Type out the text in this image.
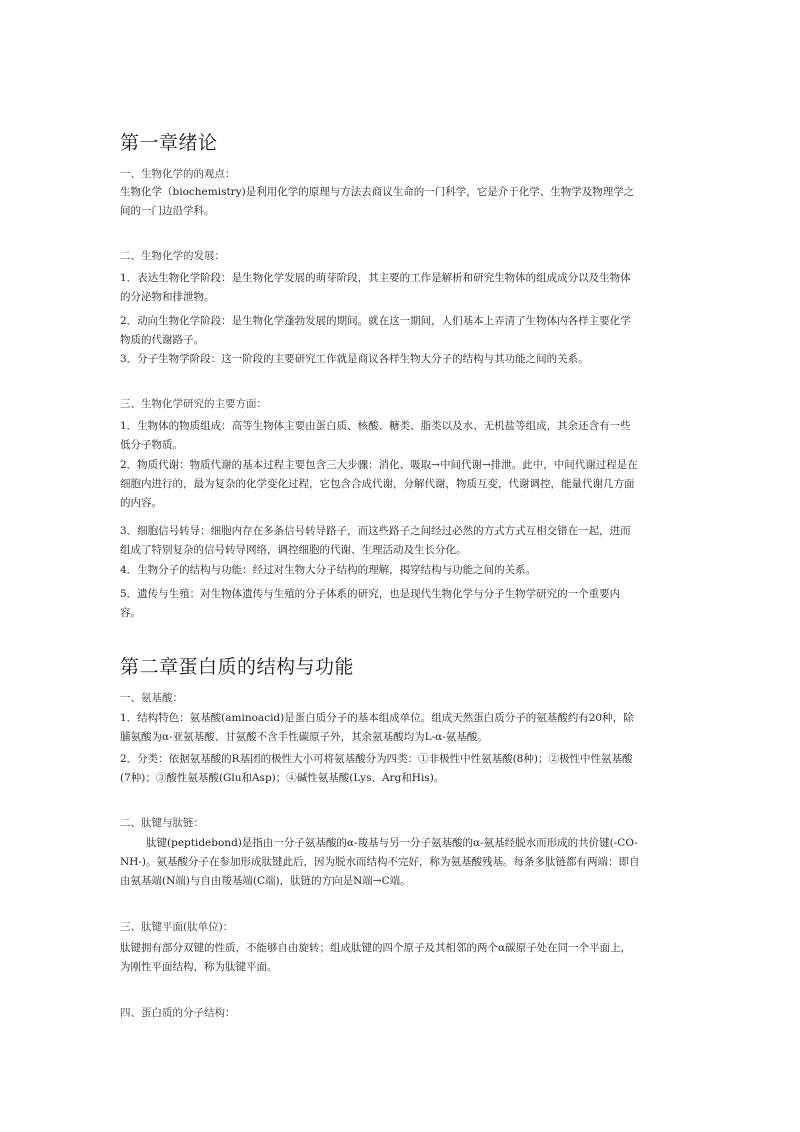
第一章绪论

一、生物化学的的观点：

生物化学（biochemistry)是利用化学的原理与方法去商议生命的一门科学，它是介于化学、生物学及物理学之间的一门边沿学科。

二、生物化学的发展：

1．表达生物化学阶段：是生物化学发展的萌芽阶段，其主要的工作是解析和研究生物体的组成成分以及生物体的分泌物和排泄物。

2．动向生物化学阶段：是生物化学蓬勃发展的期间。就在这一期间，人们基本上弄清了生物体内各样主要化学物质的代谢路子。

3．分子生物学阶段：这一阶段的主要研究工作就是商议各样生物大分子的结构与其功能之间的关系。

三、生物化学研究的主要方面：

1．生物体的物质组成：高等生物体主要由蛋白质、核酸、糖类、脂类以及水、无机盐等组成，其余还含有一些低分子物质。

2．物质代谢：物质代谢的基本过程主要包含三大步骤：消化、吸取→中间代谢→排泄。此中，中间代谢过程是在细胞内进行的，最为复杂的化学变化过程，它包含合成代谢，分解代谢，物质互变，代谢调控，能量代谢几方面的内容。

3．细胞信号转导：细胞内存在多条信号转导路子，而这些路子之间经过必然的方式方式互相交错在一起，进而组成了特别复杂的信号转导网络，调控细胞的代谢、生理活动及生长分化。

4．生物分子的结构与功能：经过对生物大分子结构的理解，揭穿结构与功能之间的关系。

5．遗传与生殖：对生物体遗传与生殖的分子体系的研究，也是现代生物化学与分子生物学研究的一个重要内容。

第二章蛋白质的结构与功能

一、氨基酸：

1．结构特色：氨基酸(aminoacid)是蛋白质分子的基本组成单位。组成天然蛋白质分子的氨基酸约有20种，除脯氨酸为α-亚氨基酸、甘氨酸不含手性碳原子外，其余氨基酸均为L-α-氨基酸。

2．分类：依据氨基酸的R基团的极性大小可将氨基酸分为四类：①非极性中性氨基酸(8种)；②极性中性氨基酸(7种)；③酸性氨基酸(Glu和Asp)；④碱性氨基酸(Lys、Arg和His)。

二、肽键与肽链：

肽键(peptidebond)是指由一分子氨基酸的α-羧基与另一分子氨基酸的α-氨基经脱水而形成的共价键(-CO-NH-)。氨基酸分子在参加形成肽键此后，因为脱水而结构不完好，称为氨基酸残基。每条多肽链都有两端：即自由氨基端(N端)与自由羧基端(C端)，肽链的方向是N端→C端。

三、肽键平面(肽单位)：

肽键拥有部分双键的性质，不能够自由旋转；组成肽键的四个原子及其相邻的两个α碳原子处在同一个平面上，为刚性平面结构，称为肽键平面。

四、蛋白质的分子结构：
